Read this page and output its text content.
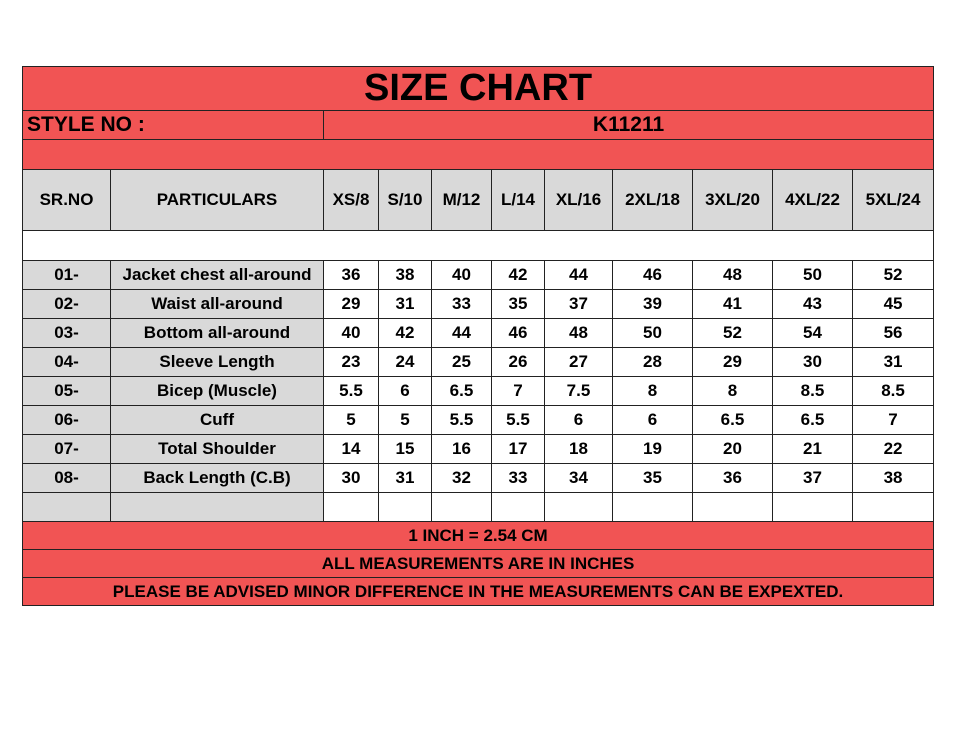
SIZE CHART										
STYLE NO :		K11211								

SR.NO	PARTICULARS	XS/8	S/10	M/12	L/14	XL/16	2XL/18	3XL/20	4XL/22	5XL/24

01-	Jacket chest all-around	36	38	40	42	44	46	48	50	52
02-	Waist all-around	29	31	33	35	37	39	41	43	45
03-	Bottom all-around	40	42	44	46	48	50	52	54	56
04-	Sleeve Length	23	24	25	26	27	28	29	30	31
05-	Bicep (Muscle)	5.5	6	6.5	7	7.5	8	8	8.5	8.5
06-	Cuff	5	5	5.5	5.5	6	6	6.5	6.5	7
07-	Total Shoulder	14	15	16	17	18	19	20	21	22
08-	Back Length (C.B)	30	31	32	33	34	35	36	37	38

1 INCH = 2.54 CM										
ALL MEASUREMENTS ARE IN INCHES										
PLEASE BE ADVISED MINOR DIFFERENCE IN THE MEASUREMENTS CAN BE EXPEXTED.										
